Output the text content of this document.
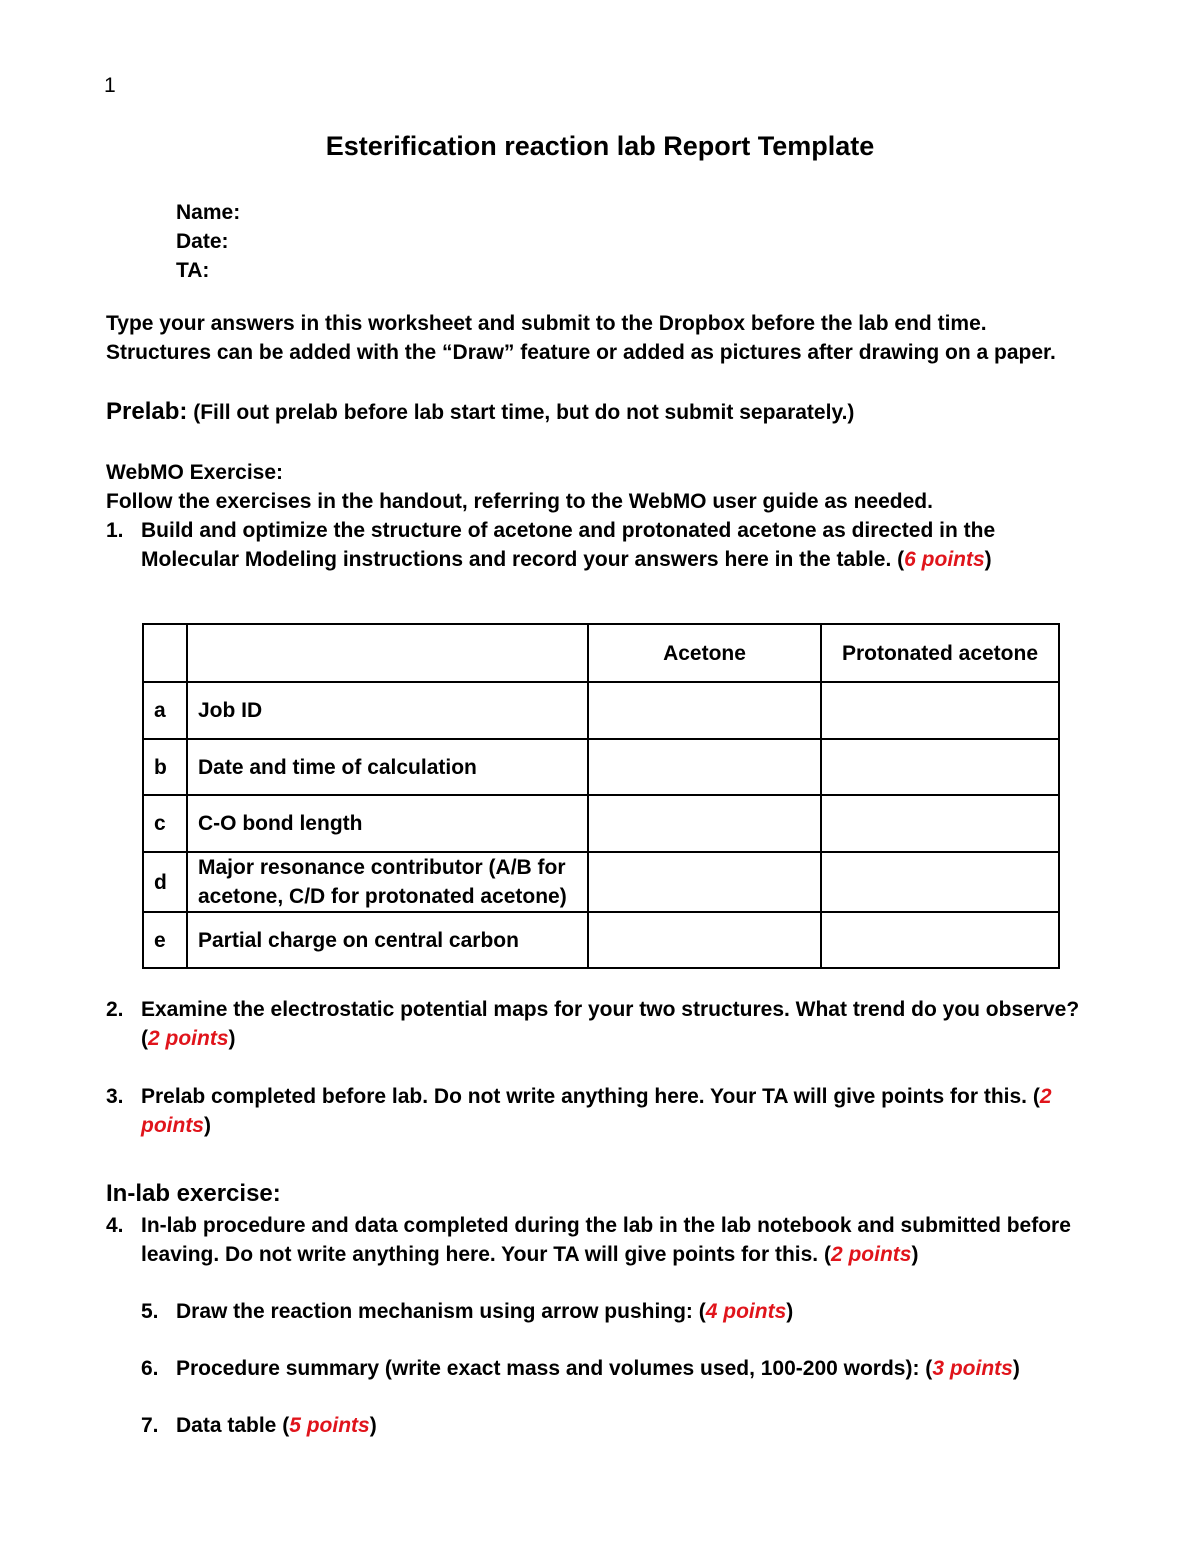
1
Esterification reaction lab Report Template
Name:
Date:
TA:
Type your answers in this worksheet and submit to the Dropbox before the lab end time. Structures can be added with the “Draw” feature or added as pictures after drawing on a paper.
Prelab: (Fill out prelab before lab start time, but do not submit separately.)
WebMO Exercise:
Follow the exercises in the handout, referring to the WebMO user guide as needed.
1. Build and optimize the structure of acetone and protonated acetone as directed in the Molecular Modeling instructions and record your answers here in the table. (6 points)
		Acetone	Protonated acetone
a	Job ID		
b	Date and time of calculation		
c	C-O bond length		
d	Major resonance contributor (A/B for acetone, C/D for protonated acetone)		
e	Partial charge on central carbon		
2. Examine the electrostatic potential maps for your two structures. What trend do you observe? (2 points)
3. Prelab completed before lab. Do not write anything here. Your TA will give points for this. (2 points)
In-lab exercise:
4. In-lab procedure and data completed during the lab in the lab notebook and submitted before leaving. Do not write anything here. Your TA will give points for this. (2 points)
5. Draw the reaction mechanism using arrow pushing: (4 points)
6. Procedure summary (write exact mass and volumes used, 100-200 words): (3 points)
7. Data table (5 points)
